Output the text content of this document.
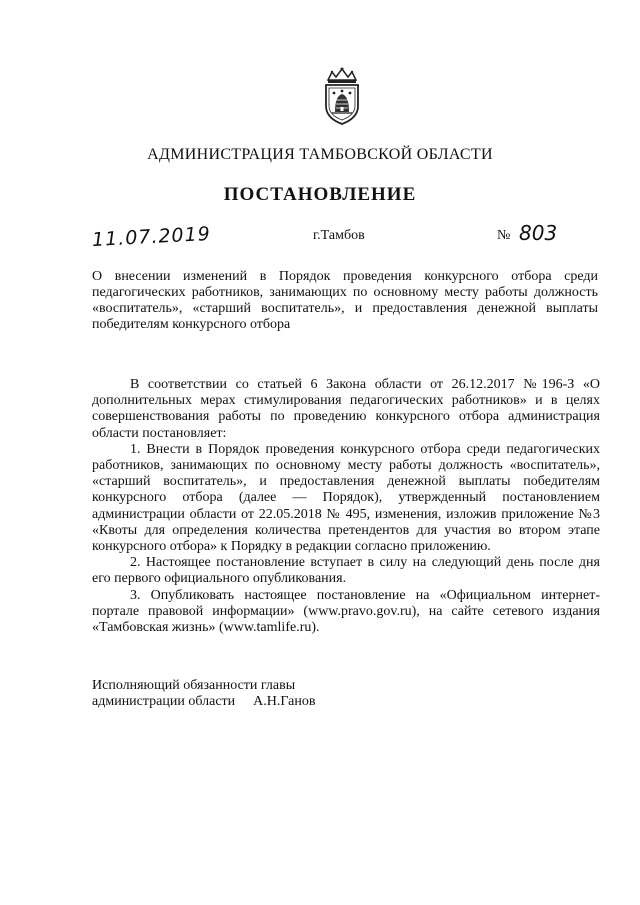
АДМИНИСТРАЦИЯ ТАМБОВСКОЙ ОБЛАСТИ
ПОСТАНОВЛЕНИЕ
11.07.2019	г.Тамбов	№ 803
О внесении изменений в Порядок проведения конкурсного отбора среди педагогических работников, занимающих по основному месту работы должность «воспитатель», «старший воспитатель», и предоставления денежной выплаты победителям конкурсного отбора

В соответствии со статьей 6 Закона области от 26.12.2017 №196-З «О дополнительных мерах стимулирования педагогических работников» и в целях совершенствования работы по проведению конкурсного отбора администрация области постановляет:

1. Внести в Порядок проведения конкурсного отбора среди педагогических работников, занимающих по основному месту работы должность «воспитатель», «старший воспитатель», и предоставления денежной выплаты победителям конкурсного отбора (далее — Порядок), утвержденный постановлением администрации области от 22.05.2018 № 495, изменения, изложив приложение №3 «Квоты для определения количества претендентов для участия во втором этапе конкурсного отбора» к Порядку в редакции согласно приложению.

2. Настоящее постановление вступает в силу на следующий день после дня его первого официального опубликования.

3. Опубликовать настоящее постановление на «Официальном интернет-портале правовой информации» (www.pravo.gov.ru), на сайте сетевого издания «Тамбовская жизнь» (www.tamlife.ru).

Исполняющий обязанности главы
администрации области А.Н.Ганов
